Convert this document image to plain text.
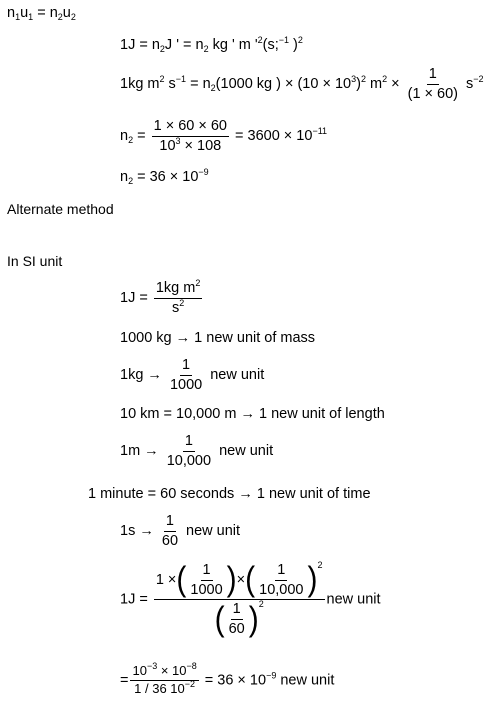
$n_1u_1 = n_2u_2$
$1J = n_2J$ ' = $n_2$ kg ' m '$^2(s;^{-1}$ )$^2$
1kg $m^2$ $s^{-1} = n_2(1000$ kg ) × $(10 \times 10^3)^2$ $m^2 \times \frac{1}{(1 \times 60)} s^{-2}$
$n_2 = \frac{1 \times 60 \times 60}{10^3 \times 108} = 3600 \times 10^{-11}$
$n_2 = 36 \times 10^{-9}$
Alternate method
In SI unit
$1J = \frac{1kg m^2}{s^2}$
1000 kg → 1 new unit of mass
$1kg \to \frac{1}{1000}$ new unit
10 km = 10,000 m → 1 new unit of length
$1m \to \frac{1}{10,000}$ new unit
1 minute = 60 seconds → 1 new unit of time
$1s \to \frac{1}{60}$ new unit
$1J = \frac{1 \times ( \frac{1}{1000} ) \times ( \frac{1}{10,000} ) 2}{( \frac{1}{60} ) 2}$ new unit
= $\frac{10^{-3} \times 10^{-8}}{1 / 36 10^{-2}} = 36 \times 10^{-9}$ new unit
